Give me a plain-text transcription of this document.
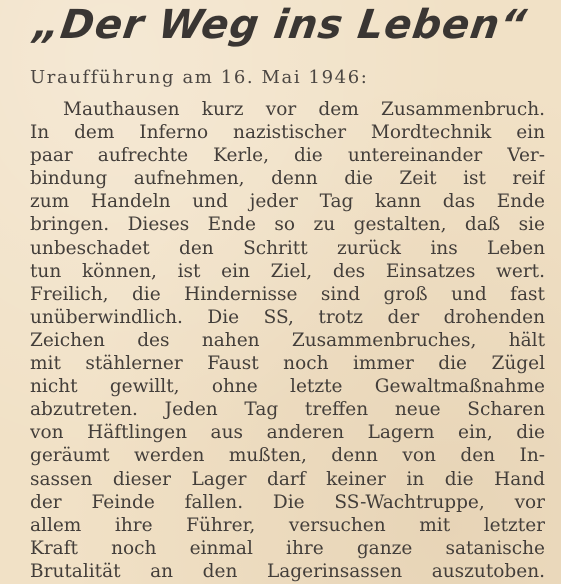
„Der Weg ins Leben“
Uraufführung am 16. Mai 1946:
Mauthausen kurz vor dem Zusammenbruch.
In dem Inferno nazistischer Mordtechnik ein
paar aufrechte Kerle, die untereinander Ver-
bindung aufnehmen, denn die Zeit ist reif
zum Handeln und jeder Tag kann das Ende
bringen. Dieses Ende so zu gestalten, daß sie
unbeschadet den Schritt zurück ins Leben
tun können, ist ein Ziel, des Einsatzes wert.
Freilich, die Hindernisse sind groß und fast
unüberwindlich. Die SS, trotz der drohenden
Zeichen des nahen Zusammenbruches, hält
mit stählerner Faust noch immer die Zügel
nicht gewillt, ohne letzte Gewaltmaßnahme
abzutreten. Jeden Tag treffen neue Scharen
von Häftlingen aus anderen Lagern ein, die
geräumt werden mußten, denn von den In-
sassen dieser Lager darf keiner in die Hand
der Feinde fallen. Die SS-Wachtruppe, vor
allem ihre Führer, versuchen mit letzter
Kraft noch einmal ihre ganze satanische
Brutalität an den Lagerinsassen auszutoben.
